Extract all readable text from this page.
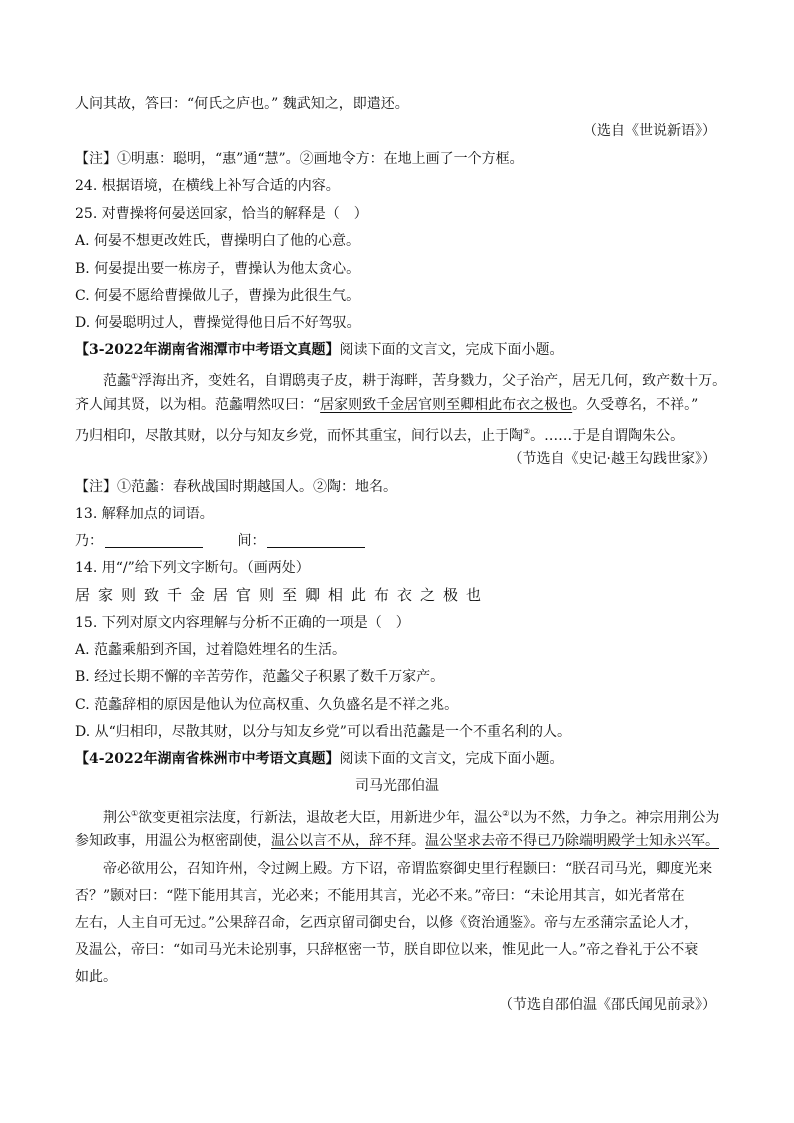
人问其故，答曰：“何氏之庐也。” 魏武知之，即遣还。
（选自《世说新语》）
【注】①明惠：聪明，“惠”通“慧”。②画地令方：在地上画了一个方框。
24. 根据语境，在横线上补写合适的内容。
25. 对曹操将何晏送回家，恰当的解释是（　）
A. 何晏不想更改姓氏，曹操明白了他的心意。
B. 何晏提出要一栋房子，曹操认为他太贪心。
C. 何晏不愿给曹操做儿子，曹操为此很生气。
D. 何晏聪明过人，曹操觉得他日后不好驾驭。
【3-2022年湖南省湘潭市中考语文真题】阅读下面的文言文，完成下面小题。
范蠡①浮海出齐，变姓名，自谓鸱夷子皮，耕于海畔，苦身戮力，父子治产，居无几何，致产数十万。
齐人闻其贤，以为相。范蠡喟然叹曰：“居家则致千金居官则至卿相此布衣之极也。久受尊名，不祥。”
乃归相印，尽散其财，以分与知友乡党，而怀其重宝，间行以去，止于陶②。……于是自谓陶朱公。
（节选自《史记·越王勾践世家》）
【注】①范蠡：春秋战国时期越国人。②陶：地名。
13. 解释加点的词语。
乃：	间：
14. 用“/”给下列文字断句。（画两处）
居家则致千金居官则至卿相此布衣之极也
15. 下列对原文内容理解与分析不正确的一项是（　）
A. 范蠡乘船到齐国，过着隐姓埋名的生活。
B. 经过长期不懈的辛苦劳作，范蠡父子积累了数千万家产。
C. 范蠡辞相的原因是他认为位高权重、久负盛名是不祥之兆。
D. 从“归相印，尽散其财，以分与知友乡党”可以看出范蠡是一个不重名利的人。
【4-2022年湖南省株洲市中考语文真题】阅读下面的文言文，完成下面小题。
司马光邵伯温
荆公①欲变更祖宗法度，行新法，退故老大臣，用新进少年，温公②以为不然，力争之。神宗用荆公为
参知政事，用温公为枢密副使，温公以言不从，辞不拜。温公坚求去帝不得已乃除端明殿学士知永兴军。
帝必欲用公，召知许州，令过阙上殿。方下诏，帝谓监察御史里行程颢曰：“朕召司马光，卿度光来
否？”颢对曰：“陛下能用其言，光必来；不能用其言，光必不来。”帝曰：“未论用其言，如光者常在
左右，人主自可无过。”公果辞召命，乞西京留司御史台，以修《资治通鉴》。帝与左丞蒲宗孟论人才，
及温公，帝曰：“如司马光未论别事，只辞枢密一节，朕自即位以来，惟见此一人。”帝之眷礼于公不衰
如此。
（节选自邵伯温《邵氏闻见前录》）
